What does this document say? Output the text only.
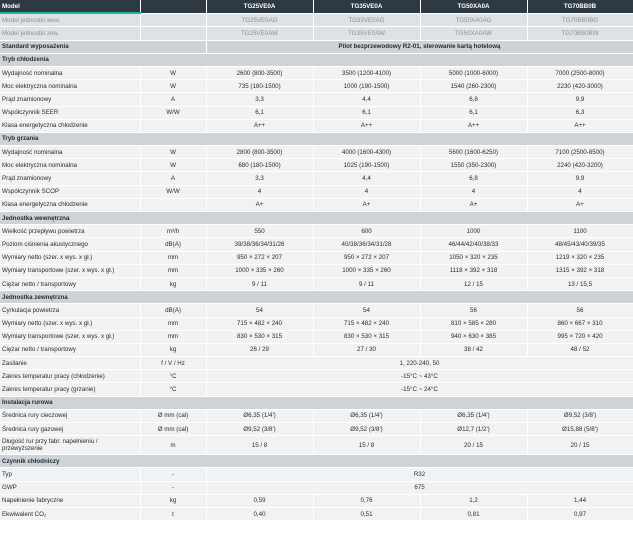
Model		TG25VE0A	TG35VE0A	TG50XA0A	TG70BB0B
Model jednostki wew.		TG25VE0AG	TG35VE0AG	TG50XA0AG	TG70BB0BG
Model jednostki zew.		TG25VE0AW	TG35VE0AW	TG50XA0AW	TG70BB0BW
Standard wyposażenia		Pilot bezprzewodowy R2-01, sterowanie kartą hotelową			
Tryb chłodzenia					
Wydajność nominalna	W	2600 (800-3500)	3500 (1200-4100)	5000 (1000-6000)	7000 (2500-8000)
Moc elektryczna nominalna	W	735 (180-1500)	1000 (190-1500)	1540 (260-2300)	2230 (420-3000)
Prąd znamionowy	A	3,3	4,4	6,8	9,9
Współczynnik SEER	W/W	6,1	6,1	6,1	6,3
Klasa energetyczna chłodzenie		A++	A++	A++	A++
Tryb grzania					
Wydajność nominalna	W	2800 (800-3500)	4000 (1600-4300)	5600 (1600-6250)	7100 (2500-8500)
Moc elektryczna nominalna	W	680 (180-1500)	1025 (190-1500)	1550 (350-2300)	2240 (420-3200)
Prąd znamionowy	A	3,3	4,4	6,8	9,9
Współczynnik SCOP	W/W	4	4	4	4
Klasa energetyczna chłodzenie		A+	A+	A+	A+
Jednostka wewnętrzna					
Wielkość przepływu powietrza	m³/h	550	600	1000	1100
Poziom ciśnienia akustycznego	dB(A)	39/38/36/34/31/26	40/38/36/34/31/28	46/44/42/40/38/33	48/45/43/40/39/35
Wymiary netto (szer. x wys. x gł.)	mm	950 × 272 × 207	950 × 272 × 207	1050 × 320 × 235	1219 × 320 × 235
Wymiary transportowe (szer. x wys. x gł.)	mm	1000 × 335 × 260	1000 × 335 × 260	1118 × 392 × 318	1315 × 392 × 318
Ciężar netto / transportowy	kg	9 / 11	9 / 11	12 / 15	13 / 15,5
Jednostka zewnętrzna					
Cyrkulacja powietrza	dB(A)	54	54	56	56
Wymiary netto (szer. x wys. x gł.)	mm	715 × 482 × 240	715 × 482 × 240	810 × 585 × 280	860 × 667 × 310
Wymiary transportowe (szer. x wys. x gł.)	mm	830 × 530 × 315	830 × 530 × 315	940 × 630 × 385	995 × 720 × 420
Ciężar netto / transportowy	kg	26 / 29	27 / 30	38 / 42	48 / 52
Zasilanie	f / V / Hz	1, 220-240, 50			
Zakres temperatur pracy (chłodzenie)	°C	-15°C ~ 43°C			
Zakres temperatur pracy (grzanie)	°C	-15°C ~ 24°C			
Instalacja rurowa					
Średnica rury cieczowej	Ø mm (cal)	Ø6,35 (1/4')	Ø6,35 (1/4')	Ø6,35 (1/4')	Ø9,52 (3/8')
Średnica rury gazowej	Ø mm (cal)	Ø9,52 (3/8')	Ø9,52 (3/8')	Ø12,7 (1/2')	Ø15,88 (5/8')
Długość rur przy fabr. napełnieniu / przewyższenie	m	15 / 8	15 / 8	20 / 15	20 / 15
Czynnik chłodniczy					
Typ	-	R32			
GWP	-	675			
Napełnienie fabryczne	kg	0,59	0,76	1,2	1,44
Ekwiwalent CO₂	t	0,40	0,51	0,81	0,97
